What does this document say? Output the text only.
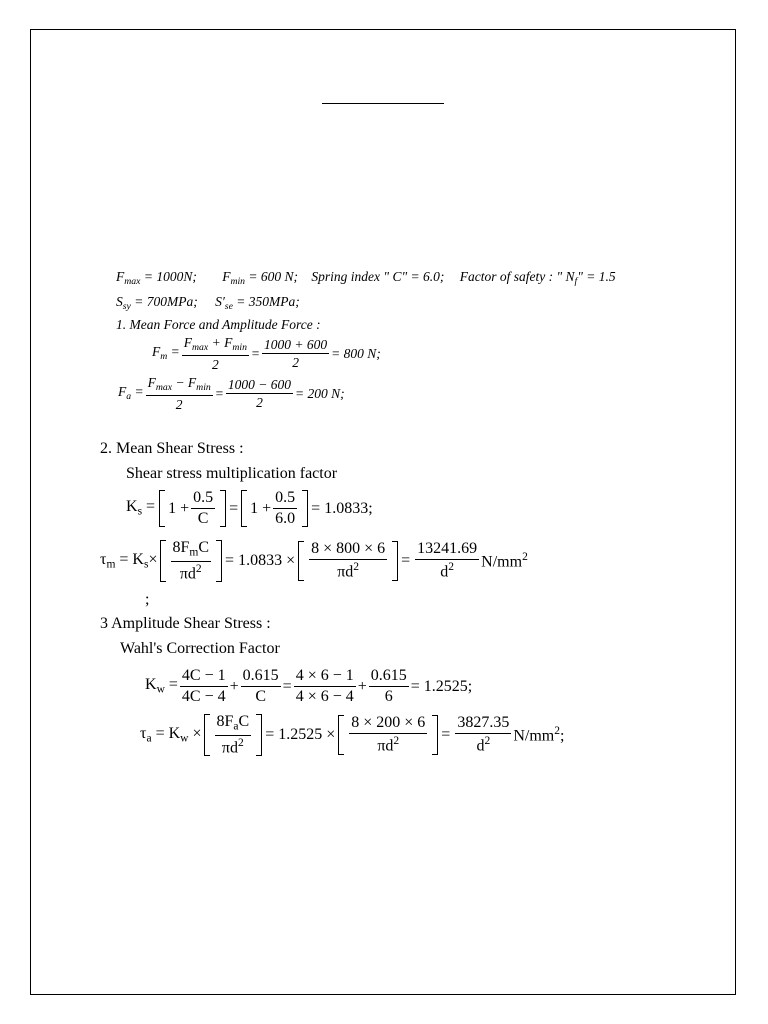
$F_{max} = 1000N$; $F_{min} = 600$ N; Spring index " C" = 6.0; Factor of safety : " $N_f$" = 1.5
$S_{sy} = 700MPa$; $S'_{se} = 350MPa$;
1. Mean Force and Amplitude Force :
$F_m = \frac{F_{max} + F_{min}}{2} = \frac{1000 + 600}{2} = 800$ N;
$F_a = \frac{F_{max} - F_{min}}{2} = \frac{1000 - 600}{2} = 200$ N;
2. Mean Shear Stress :
Shear stress multiplication factor
$K_s = 1 + \frac{0.5}{C} = 1 + \frac{0.5}{6.0} = 1.0833$;
$\tau_m = K_s\times \frac{8F_mC}{\pi d^2} = 1.0833 \times \frac{8 \times 800 \times 6}{\pi d^2} = \frac{13241.69}{d^2} N/mm^2$
;
3 Amplitude Shear Stress :
Wahl's Correction Factor
$K_w = \frac{4C - 1}{4C - 4} + \frac{0.615}{C} = \frac{4 \times 6 - 1}{4 \times 6 - 4} + \frac{0.615}{6} = 1.2525$;
$\tau_a = K_w \times \frac{8F_aC}{\pi d^2} = 1.2525 \times \frac{8 \times 200 \times 6}{\pi d^2} = \frac{3827.35}{d^2} N/mm^2$;
